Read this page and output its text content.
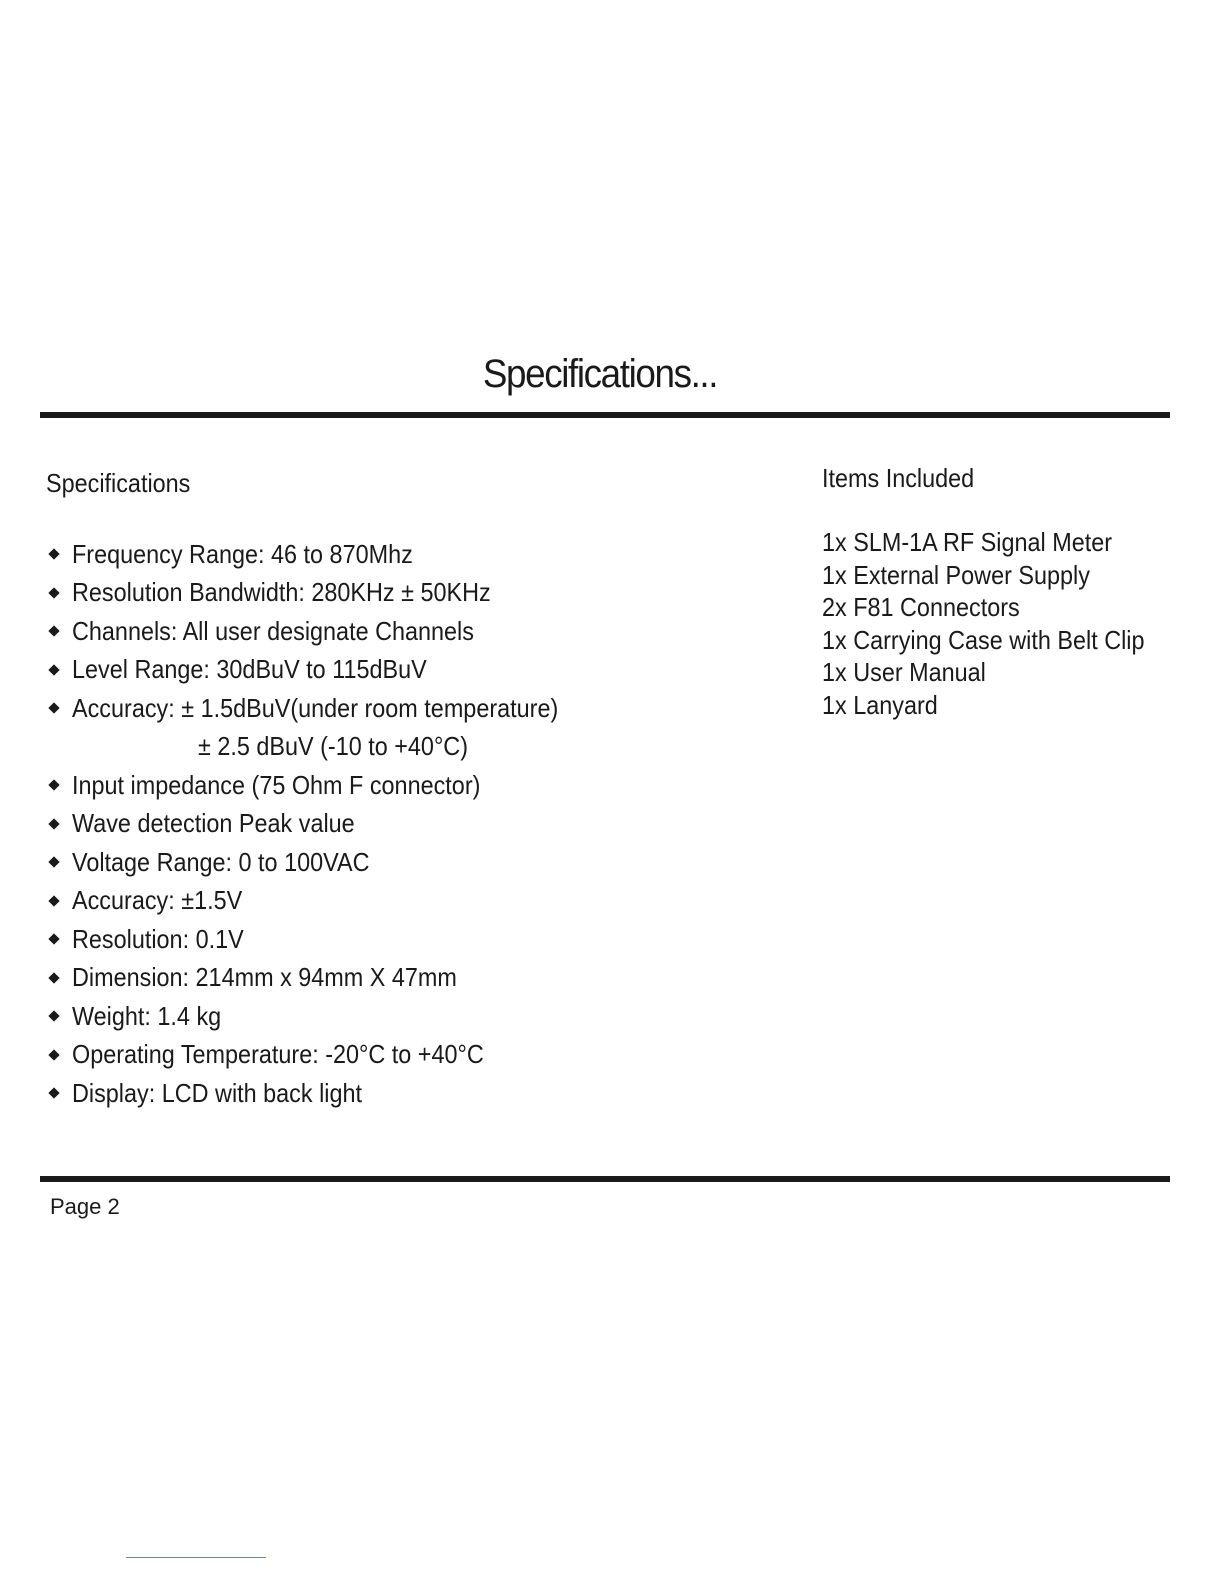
Specifications...
Specifications
Frequency Range: 46 to 870Mhz
Resolution Bandwidth: 280KHz ± 50KHz
Channels: All user designate Channels
Level Range: 30dBuV to 115dBuV
Accuracy: ± 1.5dBuV(under room temperature)
± 2.5 dBuV (-10 to +40°C)
Input impedance (75 Ohm F connector)
Wave detection Peak value
Voltage Range: 0 to 100VAC
Accuracy: ±1.5V
Resolution: 0.1V
Dimension: 214mm x 94mm X 47mm
Weight: 1.4 kg
Operating Temperature: -20°C to +40°C
Display: LCD with back light
Items Included
1x SLM-1A RF Signal Meter
1x External Power Supply
2x F81 Connectors
1x Carrying Case with Belt Clip
1x User Manual
1x Lanyard
Page 2
